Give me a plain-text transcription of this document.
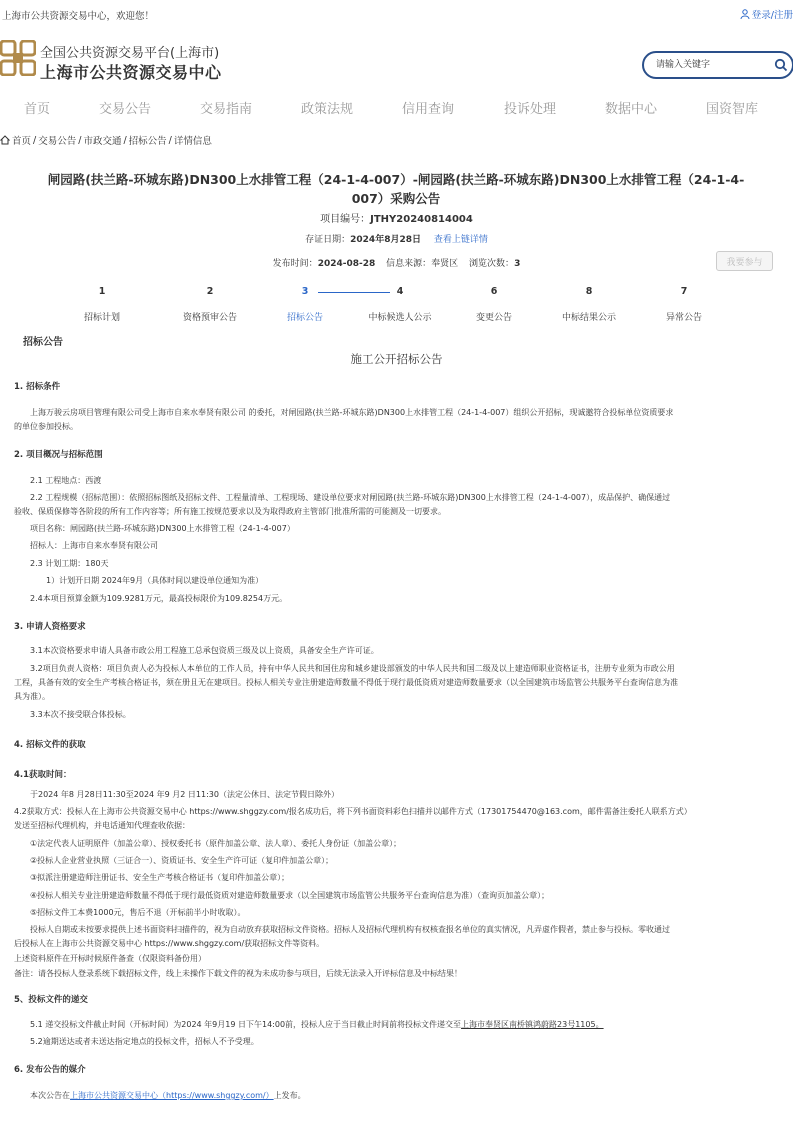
上海市公共资源交易中心，欢迎您！	登录/注册
全国公共资源交易平台(上海市)
上海市公共资源交易中心
请输入关键字
首页	交易公告	交易指南	政策法规	信用查询	投诉处理	数据中心	国资智库
首页 / 交易公告 / 市政交通 / 招标公告 / 详情信息
闸园路(扶兰路-环城东路)DN300上水排管工程（24-1-4-007）-闸园路(扶兰路-环城东路)DN300上水排管工程（24-1-4-007）采购公告
项目编号：JTHY20240814004
存证日期：2024年8月28日 查看上链详情
发布时间：2024-08-28 信息来源：奉贤区 浏览次数：3	我要参与
1
招标计划
2
资格预审公告
3
招标公告
4
中标候选人公示
6
变更公告
8
中标结果公示
7
异常公告
招标公告
施工公开招标公告

1. 招标条件

上海万骏云房项目管理有限公司受上海市自来水奉贤有限公司 的委托，对闸园路(扶兰路-环城东路)DN300上水排管工程（24-1-4-007）组织公开招标，现诚邀符合投标单位资质要求

的单位参加投标。

2. 项目概况与招标范围

2.1 工程地点：西渡

2.2 工程规模（招标范围）：依照招标图纸及招标文件、工程量清单、工程现场、建设单位要求对闸园路(扶兰路-环城东路)DN300上水排管工程（24-1-4-007），成品保护、确保通过

验收、保质保修等各阶段的所有工作内容等；所有施工按规范要求以及为取得政府主管部门批准所需的可能测及一切要求。

项目名称：闸园路(扶兰路-环城东路)DN300上水排管工程（24-1-4-007）

招标人：上海市自来水奉贤有限公司

2.3 计划工期：180天

1）计划开日期 2024年9月（具体时间以建设单位通知为准）

2.4本项目预算金额为109.9281万元，最高投标限价为109.8254万元。

3. 申请人资格要求

3.1本次资格要求申请人具备市政公用工程施工总承包资质三级及以上资质，具备安全生产许可证。

3.2项目负责人资格：项目负责人必为投标人本单位的工作人员，持有中华人民共和国住房和城乡建设部颁发的中华人民共和国二级及以上建造师职业资格证书，注册专业须为市政公用

工程，具备有效的安全生产考核合格证书，须在册且无在建项目。投标人相关专业注册建造师数量不得低于现行最低资质对建造师数量要求（以全国建筑市场监管公共服务平台查询信息为准

具为准）。

3.3本次不接受联合体投标。

4. 招标文件的获取

4.1获取时间：

于2024 年8 月28日11:30至2024 年9 月2 日11:30（法定公休日、法定节假日除外）

4.2获取方式：投标人在上海市公共资源交易中心 https://www.shggzy.com/报名成功后，将下列书面资料彩色扫描并以邮件方式（17301754470@163.com，邮件需备注委托人联系方式）

发送至招标代理机构，并电话通知代理查收依据：

①法定代表人证明原件（加盖公章）、授权委托书（原件加盖公章、法人章）、委托人身份证（加盖公章）；

②投标人企业营业执照（三证合一）、资质证书、安全生产许可证（复印件加盖公章）；

③拟派注册建造师注册证书、安全生产考核合格证书（复印件加盖公章）；

④投标人相关专业注册建造师数量不得低于现行最低资质对建造师数量要求（以全国建筑市场监管公共服务平台查询信息为准）（查询页加盖公章）；

⑤招标文件工本费1000元，售后不退（开标前半小时收取）。

投标人自期或未按要求提供上述书面资料扫描件的，视为自动放弃获取招标文件资格。招标人及招标代理机构有权核查报名单位的真实情况，凡弄虚作假者，禁止参与投标。零收通过

后投标人在上海市公共资源交易中心 https://www.shggzy.com/获取招标文件等资料。

上述资料原件在开标时候原件备查（仅限资料备份用）

备注：请各投标人登录系统下载招标文件，线上未操作下载文件的视为未成功参与项目，后续无法录入开评标信息及中标结果！

5、投标文件的递交

5.1 递交投标文件截止时间（开标时间）为2024 年9月19 日下午14:00前，投标人应于当日截止时间前将投标文件递交至上海市奉贤区南桥镇鸿蔚路23号1105。

5.2逾期送达或者未送达指定地点的投标文件，招标人不予受理。

6. 发布公告的媒介

本次公告在上海市公共资源交易中心（https://www.shggzy.com/）上发布。
